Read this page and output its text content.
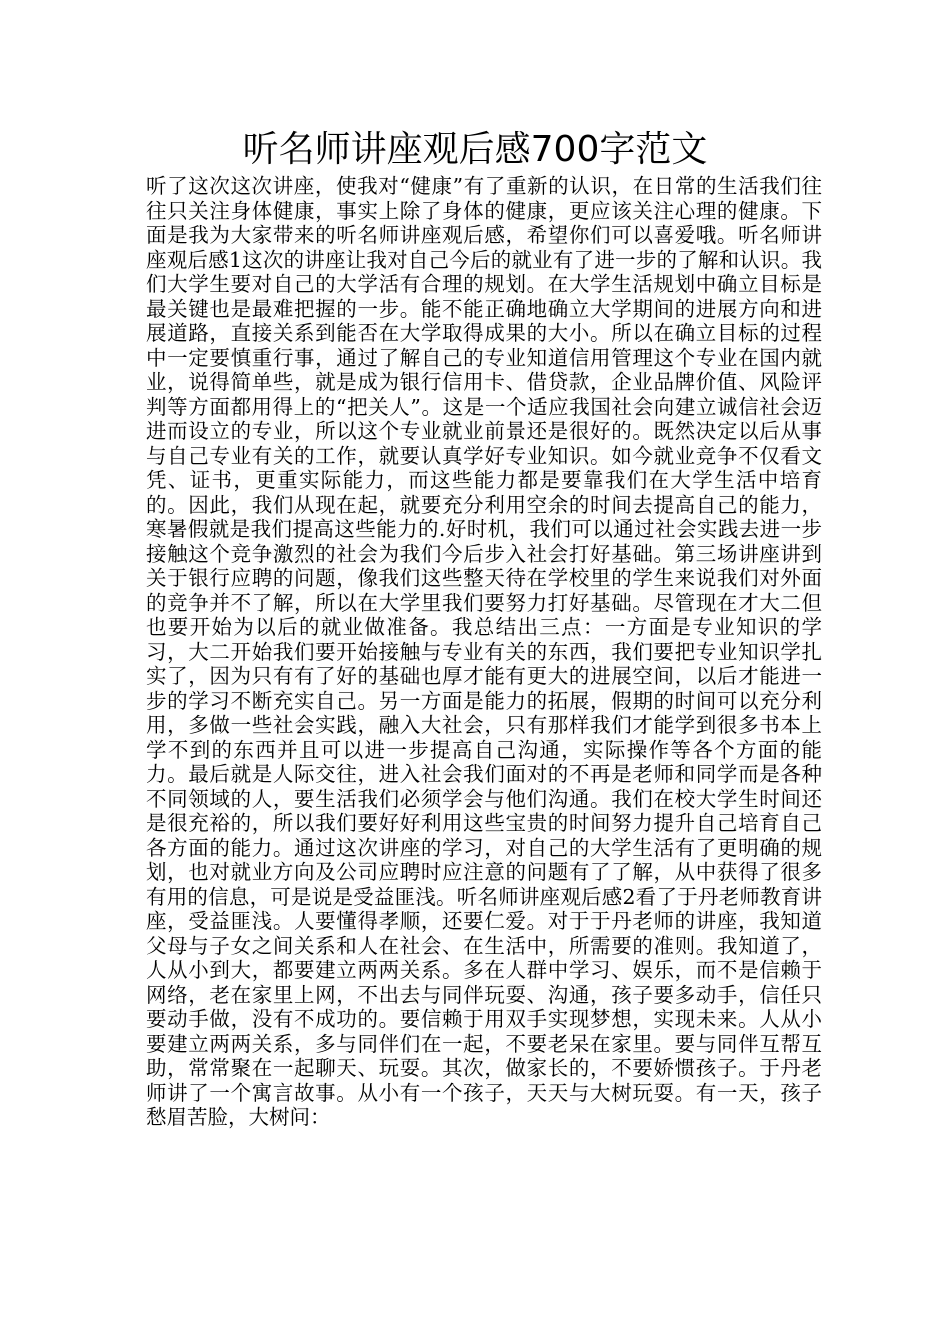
听名师讲座观后感700字范文

听了这次这次讲座，使我对“健康”有了重新的认识，在日常的生活我们往往只关注身体健康，事实上除了身体的健康，更应该关注心理的健康。下面是我为大家带来的听名师讲座观后感，希望你们可以喜爱哦。听名师讲座观后感1这次的讲座让我对自己今后的就业有了进一步的了解和认识。我们大学生要对自己的大学活有合理的规划。在大学生活规划中确立目标是最关键也是最难把握的一步。能不能正确地确立大学期间的进展方向和进展道路，直接关系到能否在大学取得成果的大小。所以在确立目标的过程中一定要慎重行事，通过了解自己的专业知道信用管理这个专业在国内就业，说得简单些，就是成为银行信用卡、借贷款，企业品牌价值、风险评判等方面都用得上的“把关人”。这是一个适应我国社会向建立诚信社会迈进而设立的专业，所以这个专业就业前景还是很好的。既然决定以后从事与自己专业有关的工作，就要认真学好专业知识。如今就业竞争不仅看文凭、证书，更重实际能力，而这些能力都是要靠我们在大学生活中培育的。因此，我们从现在起，就要充分利用空余的时间去提高自己的能力，寒暑假就是我们提高这些能力的.好时机，我们可以通过社会实践去进一步接触这个竞争激烈的社会为我们今后步入社会打好基础。第三场讲座讲到关于银行应聘的问题，像我们这些整天待在学校里的学生来说我们对外面的竞争并不了解，所以在大学里我们要努力打好基础。尽管现在才大二但也要开始为以后的就业做准备。我总结出三点：一方面是专业知识的学习，大二开始我们要开始接触与专业有关的东西，我们要把专业知识学扎实了，因为只有有了好的基础也厚才能有更大的进展空间，以后才能进一步的学习不断充实自己。另一方面是能力的拓展，假期的时间可以充分利用，多做一些社会实践，融入大社会，只有那样我们才能学到很多书本上学不到的东西并且可以进一步提高自己沟通，实际操作等各个方面的能力。最后就是人际交往，进入社会我们面对的不再是老师和同学而是各种不同领域的人，要生活我们必须学会与他们沟通。我们在校大学生时间还是很充裕的，所以我们要好好利用这些宝贵的时间努力提升自己培育自己各方面的能力。通过这次讲座的学习，对自己的大学生活有了更明确的规划，也对就业方向及公司应聘时应注意的问题有了了解，从中获得了很多有用的信息，可是说是受益匪浅。听名师讲座观后感2看了于丹老师教育讲座，受益匪浅。人要懂得孝顺，还要仁爱。对于于丹老师的讲座，我知道父母与子女之间关系和人在社会、在生活中，所需要的准则。我知道了，人从小到大，都要建立两两关系。多在人群中学习、娱乐，而不是信赖于网络，老在家里上网，不出去与同伴玩耍、沟通，孩子要多动手，信任只要动手做，没有不成功的。要信赖于用双手实现梦想，实现未来。人从小要建立两两关系，多与同伴们在一起，不要老呆在家里。要与同伴互帮互助，常常聚在一起聊天、玩耍。其次，做家长的，不要娇惯孩子。于丹老师讲了一个寓言故事。从小有一个孩子，天天与大树玩耍。有一天，孩子愁眉苦脸，大树问：
